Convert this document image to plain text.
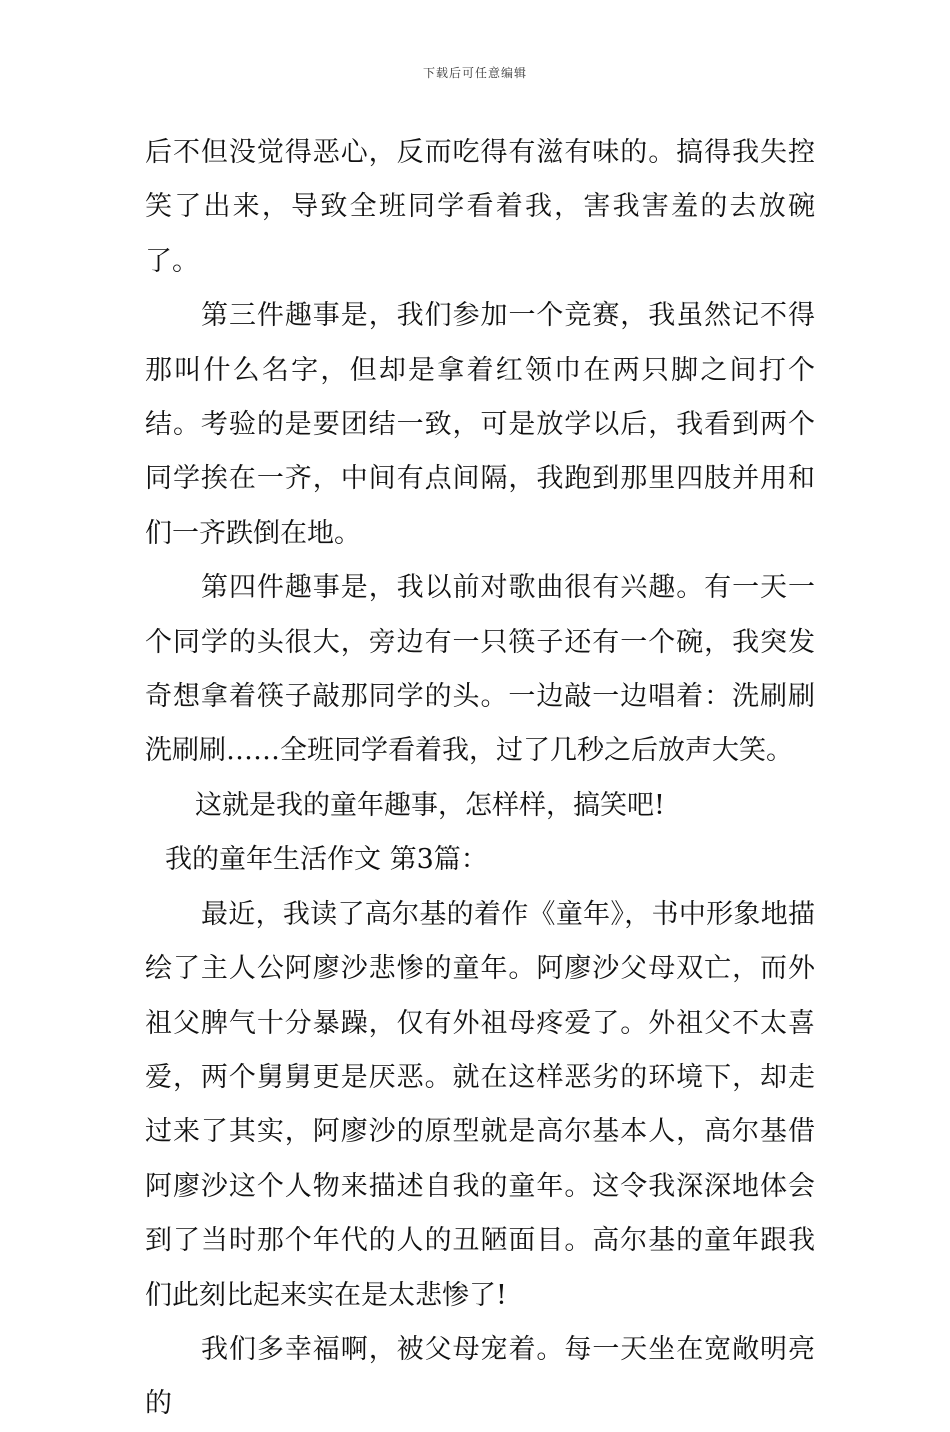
下载后可任意编辑

后不但没觉得恶心，反而吃得有滋有味的。搞得我失控笑了出来，导致全班同学看着我，害我害羞的去放碗了。

第三件趣事是，我们参加一个竞赛，我虽然记不得那叫什么名字，但却是拿着红领巾在两只脚之间打个结。考验的是要团结一致，可是放学以后，我看到两个同学挨在一齐，中间有点间隔，我跑到那里四肢并用和们一齐跌倒在地。

第四件趣事是，我以前对歌曲很有兴趣。有一天一个同学的头很大，旁边有一只筷子还有一个碗，我突发奇想拿着筷子敲那同学的头。一边敲一边唱着：洗刷刷洗刷刷……全班同学看着我，过了几秒之后放声大笑。

这就是我的童年趣事，怎样样，搞笑吧!

我的童年生活作文 第3篇：

最近，我读了高尔基的着作《童年》，书中形象地描绘了主人公阿廖沙悲惨的童年。阿廖沙父母双亡，而外祖父脾气十分暴躁，仅有外祖母疼爱了。外祖父不太喜爱，两个舅舅更是厌恶。就在这样恶劣的环境下，却走过来了其实，阿廖沙的原型就是高尔基本人，高尔基借阿廖沙这个人物来描述自我的童年。这令我深深地体会到了当时那个年代的人的丑陋面目。高尔基的童年跟我们此刻比起来实在是太悲惨了!

我们多幸福啊，被父母宠着。每一天坐在宽敞明亮的
